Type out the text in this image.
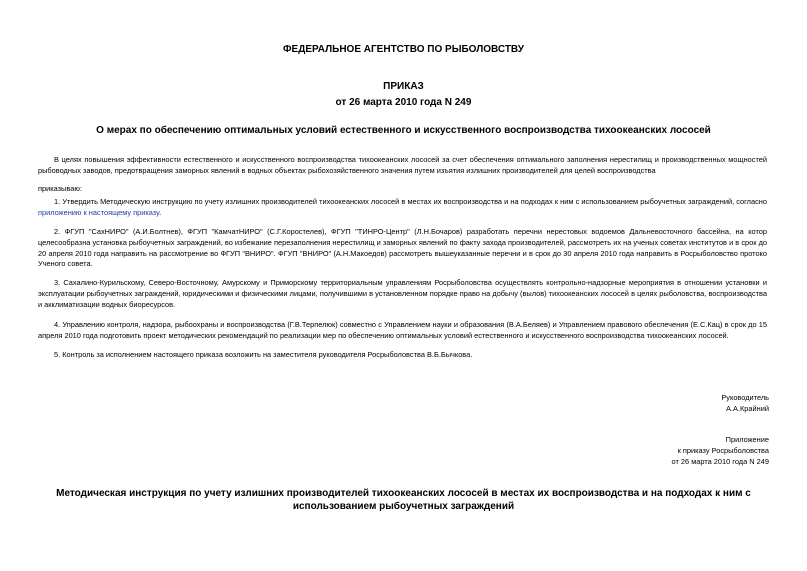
ФЕДЕРАЛЬНОЕ АГЕНТСТВО ПО РЫБОЛОВСТВУ
ПРИКАЗ
от 26 марта 2010 года N 249
О мерах по обеспечению оптимальных условий естественного и искусственного воспроизводства тихоокеанских лососей
В целях повышения эффективности естественного и искусственного воспроизводства тихоокеанских лососей за счет обеспечения оптимального заполнения нерестилищ и производственных мощностей рыбоводных заводов, предотвращения заморных явлений в водных объектах рыбохозяйственного значения путем изъятия излишних производителей для целей воспроизводства
приказываю:
1. Утвердить Методическую инструкцию по учету излишних производителей тихоокеанских лососей в местах их воспроизводства и на подходах к ним с использованием рыбоучетных заграждений, согласно приложению к настоящему приказу.
2. ФГУП "СахНИРО" (А.И.Болтнев), ФГУП "КамчатНИРО" (С.Г.Коростелев), ФГУП "ТИНРО-Центр" (Л.Н.Бочаров) разработать перечни нерестовых водоемов Дальневосточного бассейна, на котор целесообразна установка рыбоучетных заграждений, во избежание перезаполнения нерестилищ и заморных явлений по факту захода производителей, рассмотреть их на ученых советах институтов и в срок до 20 апреля 2010 года направить на рассмотрение во ФГУП "ВНИРО". ФГУП "ВНИРО" (А.Н.Макоедов) рассмотреть вышеуказанные перечни и в срок до 30 апреля 2010 года направить в Росрыболовство протоко Ученого совета.
3. Сахалино-Курильскому, Северо-Восточному, Амурскому и Приморскому территориальным управлениям Росрыболовства осуществлять контрольно-надзорные мероприятия в отношении установки и эксплуатации рыбоучетных заграждений, юридическими и физическими лицами, получившими в установленном порядке право на добычу (вылов) тихоокеанских лососей в целях рыболовства, воспроизводства и акклиматизации водных биоресурсов.
4. Управлению контроля, надзора, рыбоохраны и воспроизводства (Г.В.Терпелюк) совместно с Управлением науки и образования (В.А.Беляев) и Управлением правового обеспечения (Е.С.Кац) в срок до 15 апреля 2010 года подготовить проект методических рекомендаций по реализации мер по обеспечению оптимальных условий естественного и искусственного воспроизводства тихоокеанских лососей.
5. Контроль за исполнением настоящего приказа возложить на заместителя руководителя Росрыболовства В.Б.Бычкова.
Руководитель
А.А.Крайний
Приложение
к приказу Росрыболовства
от 26 марта 2010 года N 249
Методическая инструкция по учету излишних производителей тихоокеанских лососей в местах их воспроизводства и на подходах к ним с использованием рыбоучетных заграждений
